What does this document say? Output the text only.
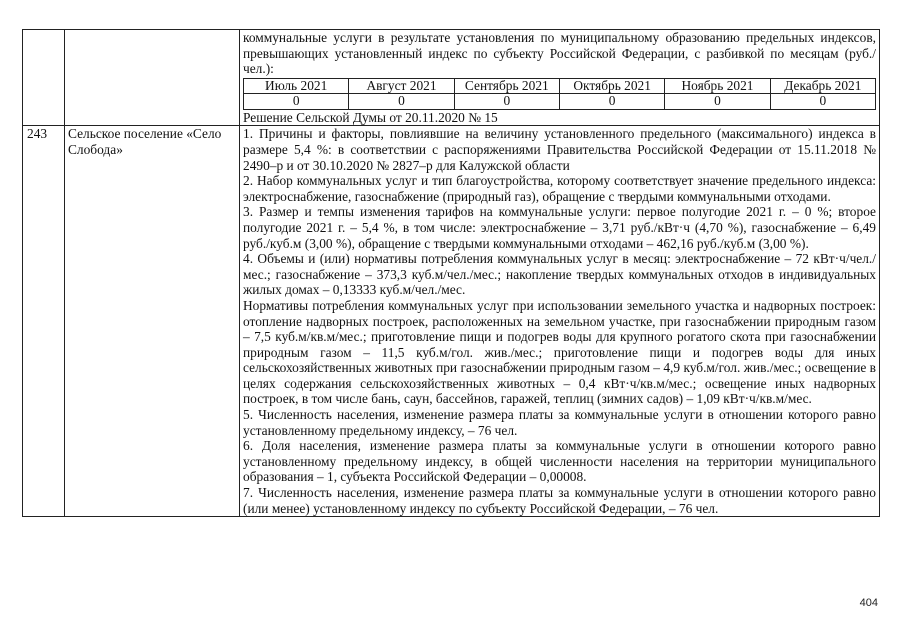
коммунальные услуги в результате установления по муниципальному образованию предельных индексов, превышающих установленный индекс по субъекту Российской Федерации, с разбивкой по месяцам (руб./чел.):

Июль 2021	Август 2021	Сентябрь 2021	Октябрь 2021	Ноябрь 2021	Декабрь 2021
0	0	0	0	0	0

Решение Сельской Думы от 20.11.2020 № 15

243	Сельское поселение «Село Слобода»	

1. Причины и факторы, повлиявшие на величину установленного предельного (максимального) индекса в размере 5,4 %: в соответствии с распоряжениями Правительства Российской Федерации от 15.11.2018 № 2490–р и от 30.10.2020 № 2827–р для Калужской области

2. Набор коммунальных услуг и тип благоустройства, которому соответствует значение предельного индекса: электроснабжение, газоснабжение (природный газ), обращение с твердыми коммунальными отходами.

3. Размер и темпы изменения тарифов на коммунальные услуги: первое полугодие 2021 г. – 0 %; второе полугодие 2021 г. – 5,4 %, в том числе: электроснабжение – 3,71 руб./кВт·ч (4,70 %), газоснабжение – 6,49 руб./куб.м (3,00 %), обращение с твердыми коммунальными отходами – 462,16 руб./куб.м (3,00 %).

4. Объемы и (или) нормативы потребления коммунальных услуг в месяц: электроснабжение – 72 кВт·ч/чел./мес.; газоснабжение – 373,3 куб.м/чел./мес.; накопление твердых коммунальных отходов в индивидуальных жилых домах – 0,13333 куб.м/чел./мес.

Нормативы потребления коммунальных услуг при использовании земельного участка и надворных построек: отопление надворных построек, расположенных на земельном участке, при газоснабжении природным газом – 7,5 куб.м/кв.м/мес.; приготовление пищи и подогрев воды для крупного рогатого скота при газоснабжении природным газом – 11,5 куб.м/гол. жив./мес.; приготовление пищи и подогрев воды для иных сельскохозяйственных животных при газоснабжении природным газом – 4,9 куб.м/гол. жив./мес.; освещение в целях содержания сельскохозяйственных животных – 0,4 кВт·ч/кв.м/мес.; освещение иных надворных построек, в том числе бань, саун, бассейнов, гаражей, теплиц (зимних садов) – 1,09 кВт·ч/кв.м/мес.

5. Численность населения, изменение размера платы за коммунальные услуги в отношении которого равно установленному предельному индексу, – 76 чел.

6. Доля населения, изменение размера платы за коммунальные услуги в отношении которого равно установленному предельному индексу, в общей численности населения на территории муниципального образования – 1, субъекта Российской Федерации – 0,00008.

7. Численность населения, изменение размера платы за коммунальные услуги в отношении которого равно (или менее) установленному индексу по субъекту Российской Федерации, – 76 чел.

404
